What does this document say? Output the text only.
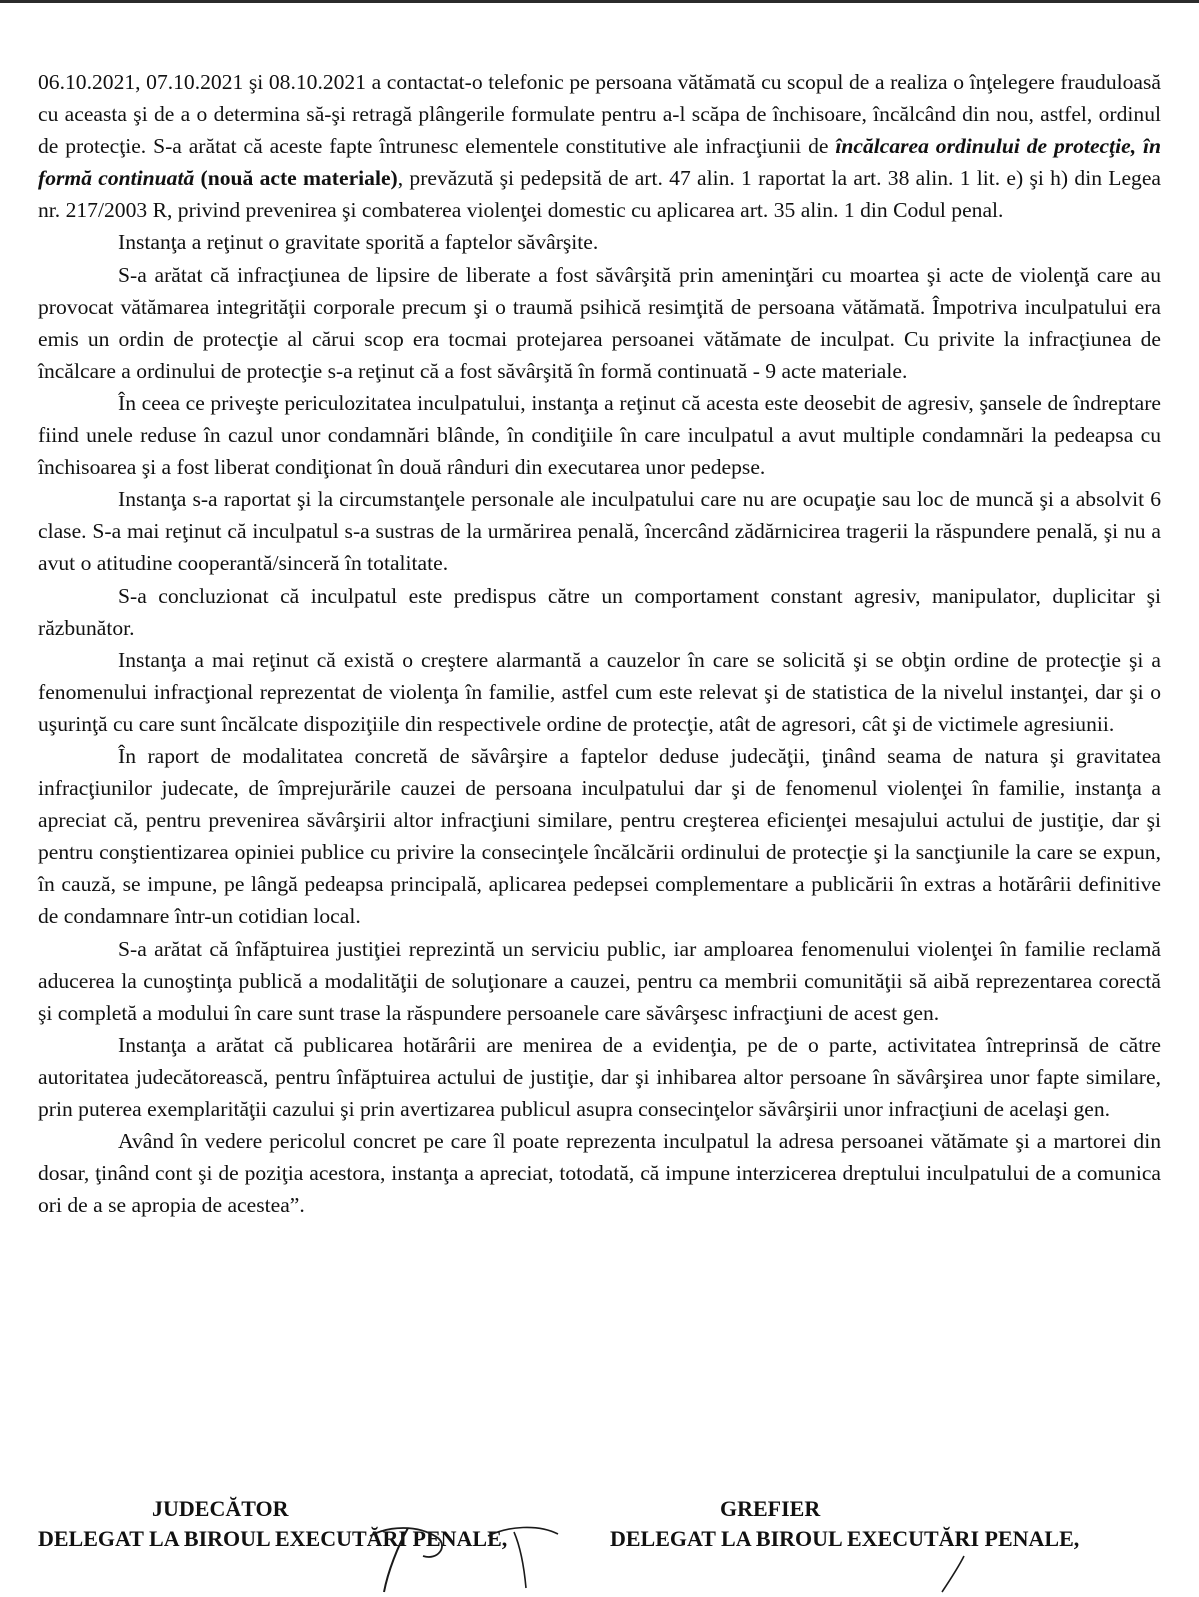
06.10.2021, 07.10.2021 şi 08.10.2021 a contactat-o telefonic pe persoana vătămată cu scopul de a realiza o înţelegere frauduloasă cu aceasta şi de a o determina să-şi retragă plângerile formulate pentru a-l scăpa de închisoare, încălcând din nou, astfel, ordinul de protecţie. S-a arătat că aceste fapte întrunesc elementele constitutive ale infracţiunii de încălcarea ordinului de protecţie, în formă continuată (nouă acte materiale), prevăzută şi pedepsită de art. 47 alin. 1 raportat la art. 38 alin. 1 lit. e) şi h) din Legea nr. 217/2003 R, privind prevenirea şi combaterea violenţei domestic cu aplicarea art. 35 alin. 1 din Codul penal.

Instanţa a reţinut o gravitate sporită a faptelor săvârşite.

S-a arătat că infracţiunea de lipsire de liberate a fost săvârşită prin ameninţări cu moartea şi acte de violenţă care au provocat vătămarea integrităţii corporale precum şi o traumă psihică resimţită de persoana vătămată. Împotriva inculpatului era emis un ordin de protecţie al cărui scop era tocmai protejarea persoanei vătămate de inculpat. Cu privite la infracţiunea de încălcare a ordinului de protecţie s-a reţinut că a fost săvârşită în formă continuată - 9 acte materiale.

În ceea ce priveşte periculozitatea inculpatului, instanţa a reţinut că acesta este deosebit de agresiv, şansele de îndreptare fiind unele reduse în cazul unor condamnări blânde, în condiţiile în care inculpatul a avut multiple condamnări la pedeapsa cu închisoarea şi a fost liberat condiţionat în două rânduri din executarea unor pedepse.

Instanţa s-a raportat şi la circumstanţele personale ale inculpatului care nu are ocupaţie sau loc de muncă şi a absolvit 6 clase. S-a mai reţinut că inculpatul s-a sustras de la urmărirea penală, încercând zădărnicirea tragerii la răspundere penală, şi nu a avut o atitudine cooperantă/sinceră în totalitate.

S-a concluzionat că inculpatul este predispus către un comportament constant agresiv, manipulator, duplicitar şi răzbunător.

Instanţa a mai reţinut că există o creştere alarmantă a cauzelor în care se solicită şi se obţin ordine de protecţie şi a fenomenului infracţional reprezentat de violenţa în familie, astfel cum este relevat şi de statistica de la nivelul instanţei, dar şi o uşurinţă cu care sunt încălcate dispoziţiile din respectivele ordine de protecţie, atât de agresori, cât şi de victimele agresiunii.

În raport de modalitatea concretă de săvârşire a faptelor deduse judecăţii, ţinând seama de natura şi gravitatea infracţiunilor judecate, de împrejurările cauzei de persoana inculpatului dar şi de fenomenul violenţei în familie, instanţa a apreciat că, pentru prevenirea săvârşirii altor infracţiuni similare, pentru creşterea eficienţei mesajului actului de justiţie, dar şi pentru conştientizarea opiniei publice cu privire la consecinţele încălcării ordinului de protecţie şi la sancţiunile la care se expun, în cauză, se impune, pe lângă pedeapsa principală, aplicarea pedepsei complementare a publicării în extras a hotărârii definitive de condamnare într-un cotidian local.

S-a arătat că înfăptuirea justiţiei reprezintă un serviciu public, iar amploarea fenomenului violenţei în familie reclamă aducerea la cunoştinţa publică a modalităţii de soluţionare a cauzei, pentru ca membrii comunităţii să aibă reprezentarea corectă şi completă a modului în care sunt trase la răspundere persoanele care săvârşesc infracţiuni de acest gen.

Instanţa a arătat că publicarea hotărârii are menirea de a evidenţia, pe de o parte, activitatea întreprinsă de către autoritatea judecătorească, pentru înfăptuirea actului de justiţie, dar şi inhibarea altor persoane în săvârşirea unor fapte similare, prin puterea exemplarităţii cazului şi prin avertizarea publicul asupra consecinţelor săvârşirii unor infracţiuni de acelaşi gen.

Având în vedere pericolul concret pe care îl poate reprezenta inculpatul la adresa persoanei vătămate şi a martorei din dosar, ţinând cont şi de poziţia acestora, instanţa a apreciat, totodată, că impune interzicerea dreptului inculpatului de a comunica ori de a se apropia de acestea”.

JUDECĂTOR
DELEGAT LA BIROUL EXECUTĂRI PENALE,
GREFIER
DELEGAT LA BIROUL EXECUTĂRI PENALE,
